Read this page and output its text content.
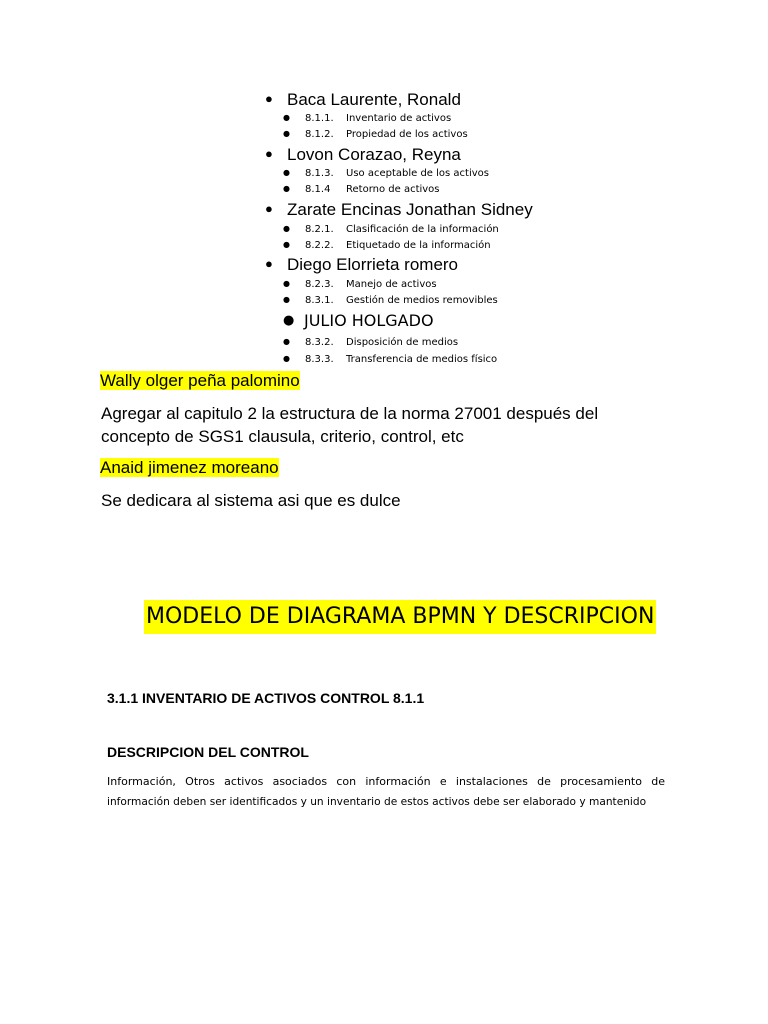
● Baca Laurente, Ronald
● 8.1.1. Inventario de activos
● 8.1.2. Propiedad de los activos
● Lovon Corazao, Reyna
● 8.1.3. Uso aceptable de los activos
● 8.1.4 Retorno de activos
● Zarate Encinas Jonathan Sidney
● 8.2.1. Clasificación de la información
● 8.2.2. Etiquetado de la información
● Diego Elorrieta romero
● 8.2.3. Manejo de activos
● 8.3.1. Gestión de medios removibles
● JULIO HOLGADO
● 8.3.2. Disposición de medios
● 8.3.3. Transferencia de medios físico
Wally olger peña palomino
Agregar al capitulo 2 la estructura de la norma 27001 después del
concepto de SGS1 clausula, criterio, control, etc
Anaid jimenez moreano
Se dedicara al sistema asi que es dulce
MODELO DE DIAGRAMA BPMN Y DESCRIPCION
3.1.1 INVENTARIO DE ACTIVOS CONTROL 8.1.1
DESCRIPCION DEL CONTROL
Información, Otros activos asociados con información e instalaciones de procesamiento de
información deben ser identificados y un inventario de estos activos debe ser elaborado y mantenido
